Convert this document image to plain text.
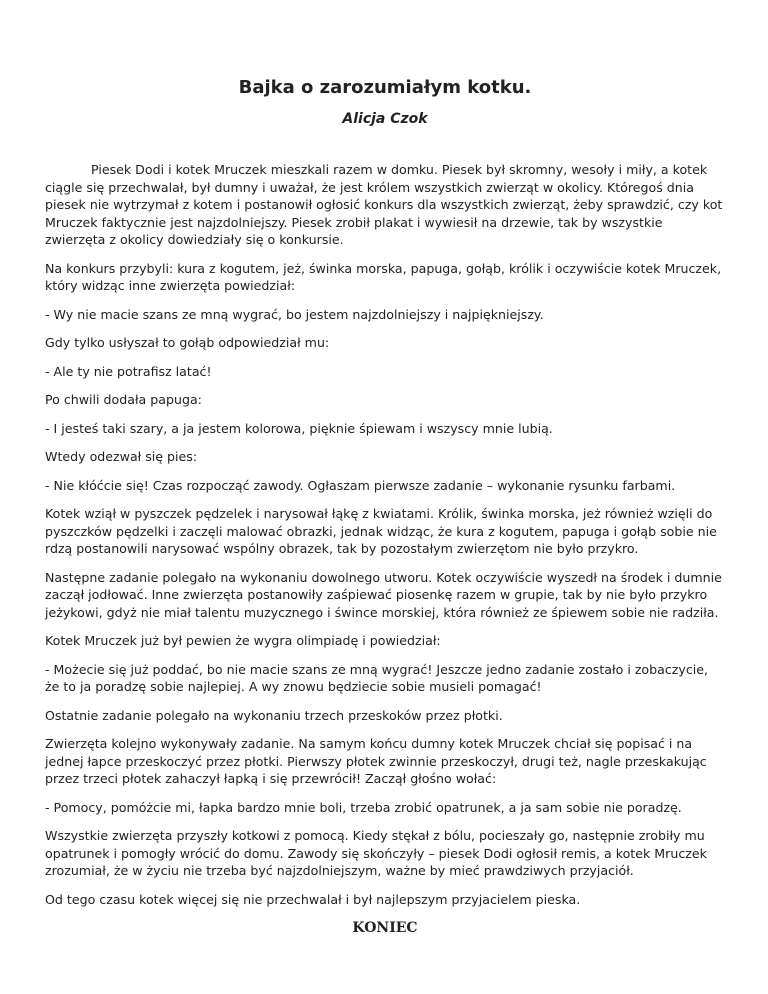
Bajka o zarozumiałym kotku.
Alicja Czok

Piesek Dodi i kotek Mruczek mieszkali razem w domku. Piesek był skromny, wesoły i miły, a kotek ciągle się przechwalał, był dumny i uważał, że jest królem wszystkich zwierząt w okolicy. Któregoś dnia piesek nie wytrzymał z kotem i postanowił ogłosić konkurs dla wszystkich zwierząt, żeby sprawdzić, czy kot Mruczek faktycznie jest najzdolniejszy. Piesek zrobił plakat i wywiesił na drzewie, tak by wszystkie zwierzęta z okolicy dowiedziały się o konkursie.

Na konkurs przybyli: kura z kogutem, jeż, świnka morska, papuga, gołąb, królik i oczywiście kotek Mruczek, który widząc inne zwierzęta powiedział:

- Wy nie macie szans ze mną wygrać, bo jestem najzdolniejszy i najpiękniejszy.

Gdy tylko usłyszał to gołąb odpowiedział mu:

- Ale ty nie potrafisz latać!

Po chwili dodała papuga:

- I jesteś taki szary, a ja jestem kolorowa, pięknie śpiewam i wszyscy mnie lubią.

Wtedy odezwał się pies:

- Nie kłóćcie się! Czas rozpocząć zawody. Ogłaszam pierwsze zadanie – wykonanie rysunku farbami.

Kotek wziął w pyszczek pędzelek i narysował łąkę z kwiatami. Królik, świnka morska, jeż również wzięli do pyszczków pędzelki i zaczęli malować obrazki, jednak widząc, że kura z kogutem, papuga i gołąb sobie nie rdzą postanowili narysować wspólny obrazek, tak by pozostałym zwierzętom nie było przykro.

Następne zadanie polegało na wykonaniu dowolnego utworu. Kotek oczywiście wyszedł na środek i dumnie zaczął jodłować. Inne zwierzęta postanowiły zaśpiewać piosenkę razem w grupie, tak by nie było przykro jeżykowi, gdyż nie miał talentu muzycznego i śwince morskiej, która również ze śpiewem sobie nie radziła.

Kotek Mruczek już był pewien że wygra olimpiadę i powiedział:

- Możecie się już poddać, bo nie macie szans ze mną wygrać! Jeszcze jedno zadanie zostało i zobaczycie, że to ja poradzę sobie najlepiej. A wy znowu będziecie sobie musieli pomagać!

Ostatnie zadanie polegało na wykonaniu trzech przeskoków przez płotki.

Zwierzęta kolejno wykonywały zadanie. Na samym końcu dumny kotek Mruczek chciał się popisać i na jednej łapce przeskoczyć przez płotki. Pierwszy płotek zwinnie przeskoczył, drugi też, nagle przeskakując przez trzeci płotek zahaczył łapką i się przewrócił! Zaczął głośno wołać:

- Pomocy, pomóżcie mi, łapka bardzo mnie boli, trzeba zrobić opatrunek, a ja sam sobie nie poradzę.

Wszystkie zwierzęta przyszły kotkowi z pomocą. Kiedy stękał z bólu, pocieszały go, następnie zrobiły mu opatrunek i pomogły wrócić do domu. Zawody się skończyły – piesek Dodi ogłosił remis, a kotek Mruczek zrozumiał, że w życiu nie trzeba być najzdolniejszym, ważne by mieć prawdziwych przyjaciół.

Od tego czasu kotek więcej się nie przechwalał i był najlepszym przyjacielem pieska.

KONIEC
